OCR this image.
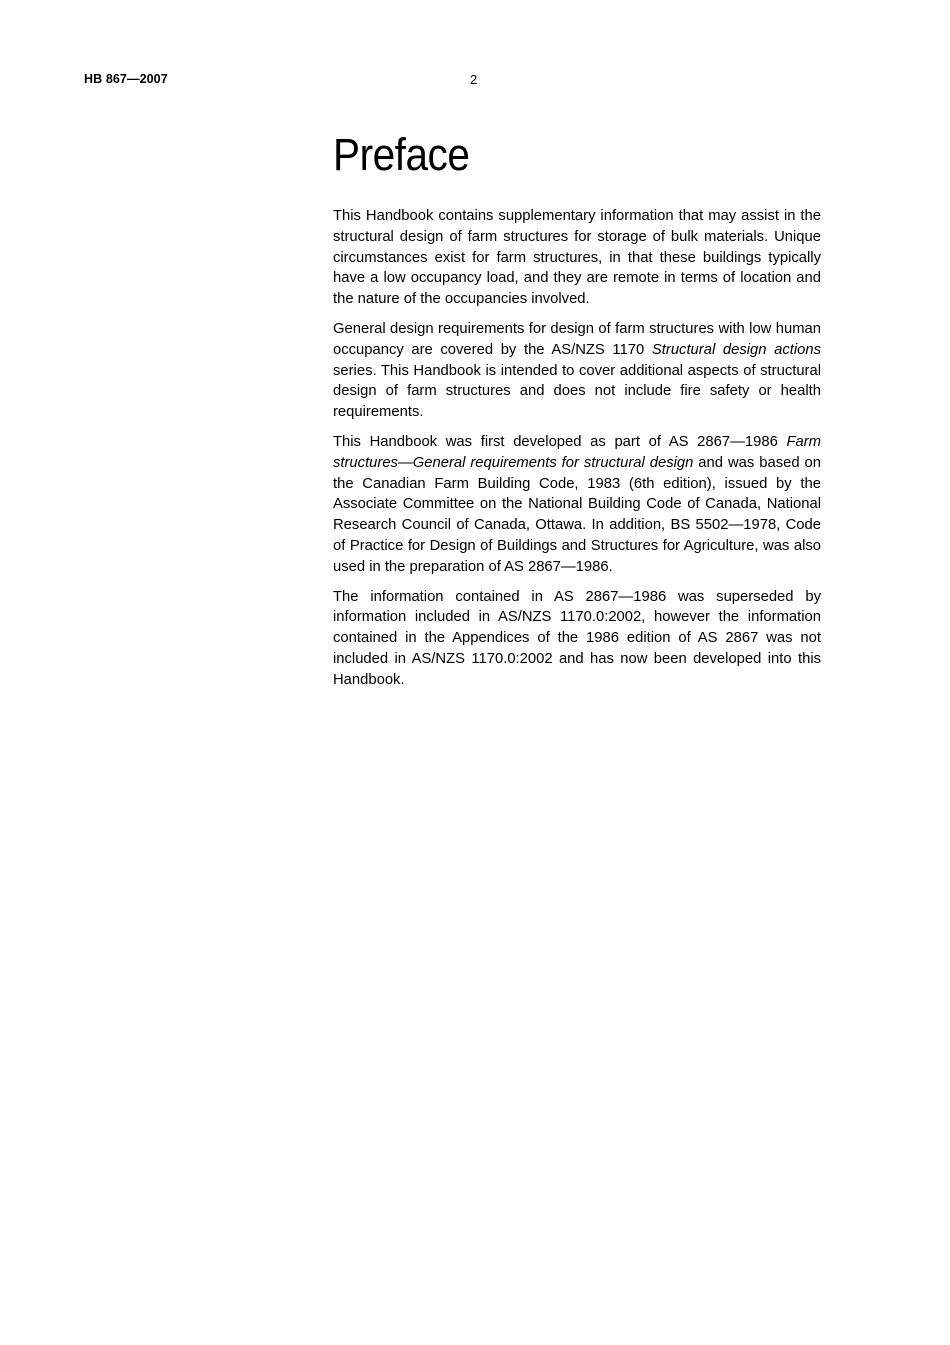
HB 867—2007	2
Preface

This Handbook contains supplementary information that may assist in the structural design of farm structures for storage of bulk materials. Unique circumstances exist for farm structures, in that these buildings typically have a low occupancy load, and they are remote in terms of location and the nature of the occupancies involved.

General design requirements for design of farm structures with low human occupancy are covered by the AS/NZS 1170 Structural design actions series. This Handbook is intended to cover additional aspects of structural design of farm structures and does not include fire safety or health requirements.

This Handbook was first developed as part of AS 2867—1986 Farm structures—General requirements for structural design and was based on the Canadian Farm Building Code, 1983 (6th edition), issued by the Associate Committee on the National Building Code of Canada, National Research Council of Canada, Ottawa. In addition, BS 5502—1978, Code of Practice for Design of Buildings and Structures for Agriculture, was also used in the preparation of AS 2867—1986.

The information contained in AS 2867—1986 was superseded by information included in AS/NZS 1170.0:2002, however the information contained in the Appendices of the 1986 edition of AS 2867 was not included in AS/NZS 1170.0:2002 and has now been developed into this Handbook.
